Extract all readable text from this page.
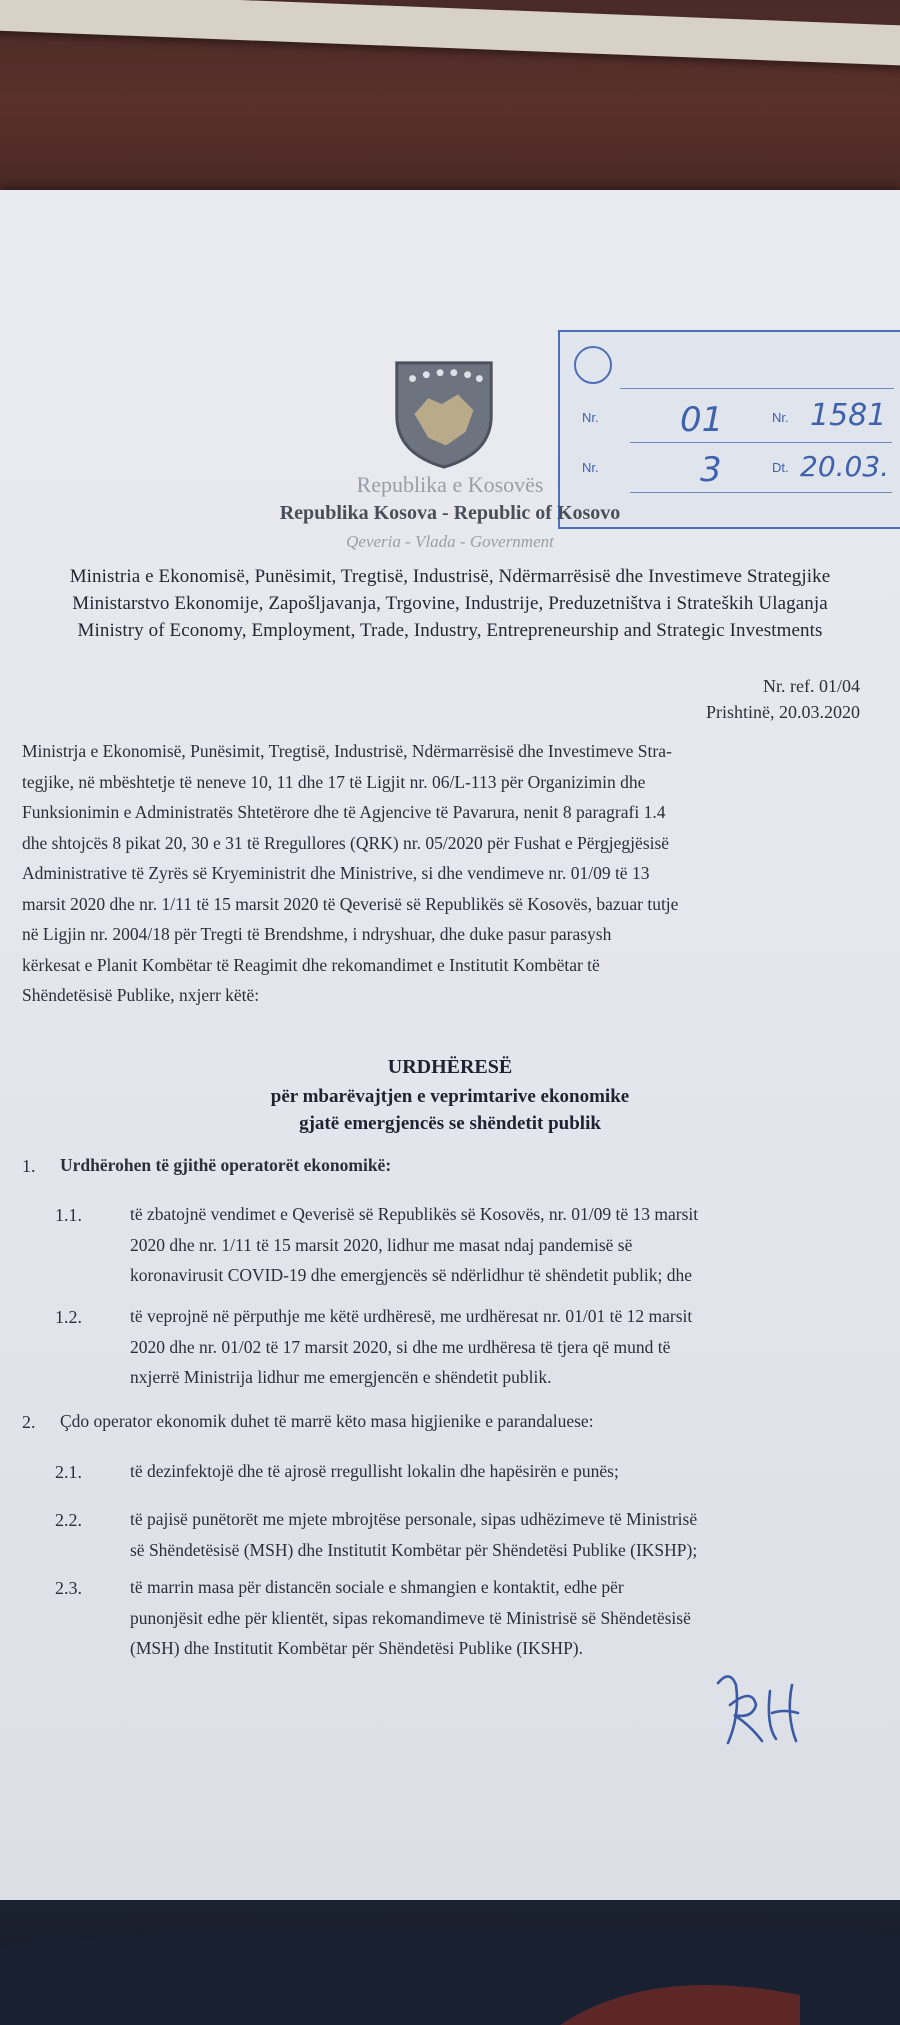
Nr. 01	Nr. 1581
Nr.	3	Dt. 20.03.
Republika e Kosovës
Republika Kosova - Republic of Kosovo
Qeveria - Vlada - Government
Ministria e Ekonomisë, Punësimit, Tregtisë, Industrisë, Ndërmarrësisë dhe Investimeve Strategjike
Ministarstvo Ekonomije, Zapošljavanja, Trgovine, Industrije, Preduzetništva i Strateških Ulaganja
Ministry of Economy, Employment, Trade, Industry, Entrepreneurship and Strategic Investments
Nr. ref. 01/04
Prishtinë, 20.03.2020
Ministrja e Ekonomisë, Punësimit, Tregtisë, Industrisë, Ndërmarrësisë dhe Investimeve Stra-
tegjike, në mbështetje të neneve 10, 11 dhe 17 të Ligjit nr. 06/L-113 për Organizimin dhe
Funksionimin e Administratës Shtetërore dhe të Agjencive të Pavarura, nenit 8 paragrafi 1.4
dhe shtojcës 8 pikat 20, 30 e 31 të Rregullores (QRK) nr. 05/2020 për Fushat e Përgjegjësisë
Administrative të Zyrës së Kryeministrit dhe Ministrive, si dhe vendimeve nr. 01/09 të 13
marsit 2020 dhe nr. 1/11 të 15 marsit 2020 të Qeverisë së Republikës së Kosovës, bazuar tutje
në Ligjin nr. 2004/18 për Tregti të Brendshme, i ndryshuar, dhe duke pasur parasysh
kërkesat e Planit Kombëtar të Reagimit dhe rekomandimet e Institutit Kombëtar të
Shëndetësisë Publike, nxjerr këtë:
URDHËRESË
për mbarëvajtjen e veprimtarive ekonomike
gjatë emergjencës se shëndetit publik
1. Urdhërohen të gjithë operatorët ekonomikë:
1.1.	të zbatojnë vendimet e Qeverisë së Republikës së Kosovës, nr. 01/09 të 13 marsit
2020 dhe nr. 1/11 të 15 marsit 2020, lidhur me masat ndaj pandemisë së
koronavirusit COVID-19 dhe emergjencës së ndërlidhur të shëndetit publik; dhe
1.2.	të veprojnë në përputhje me këtë urdhëresë, me urdhëresat nr. 01/01 të 12 marsit
2020 dhe nr. 01/02 të 17 marsit 2020, si dhe me urdhëresa të tjera që mund të
nxjerrë Ministrija lidhur me emergjencën e shëndetit publik.
2. Çdo operator ekonomik duhet të marrë këto masa higjienike e parandaluese:
2.1.	të dezinfektojë dhe të ajrosë rregullisht lokalin dhe hapësirën e punës;
2.2.	të pajisë punëtorët me mjete mbrojtëse personale, sipas udhëzimeve të Ministrisë
së Shëndetësisë (MSH) dhe Institutit Kombëtar për Shëndetësi Publike (IKSHP);
2.3.	të marrin masa për distancën sociale e shmangien e kontaktit, edhe për
punonjësit edhe për klientët, sipas rekomandimeve të Ministrisë së Shëndetësisë
(MSH) dhe Institutit Kombëtar për Shëndetësi Publike (IKSHP).
